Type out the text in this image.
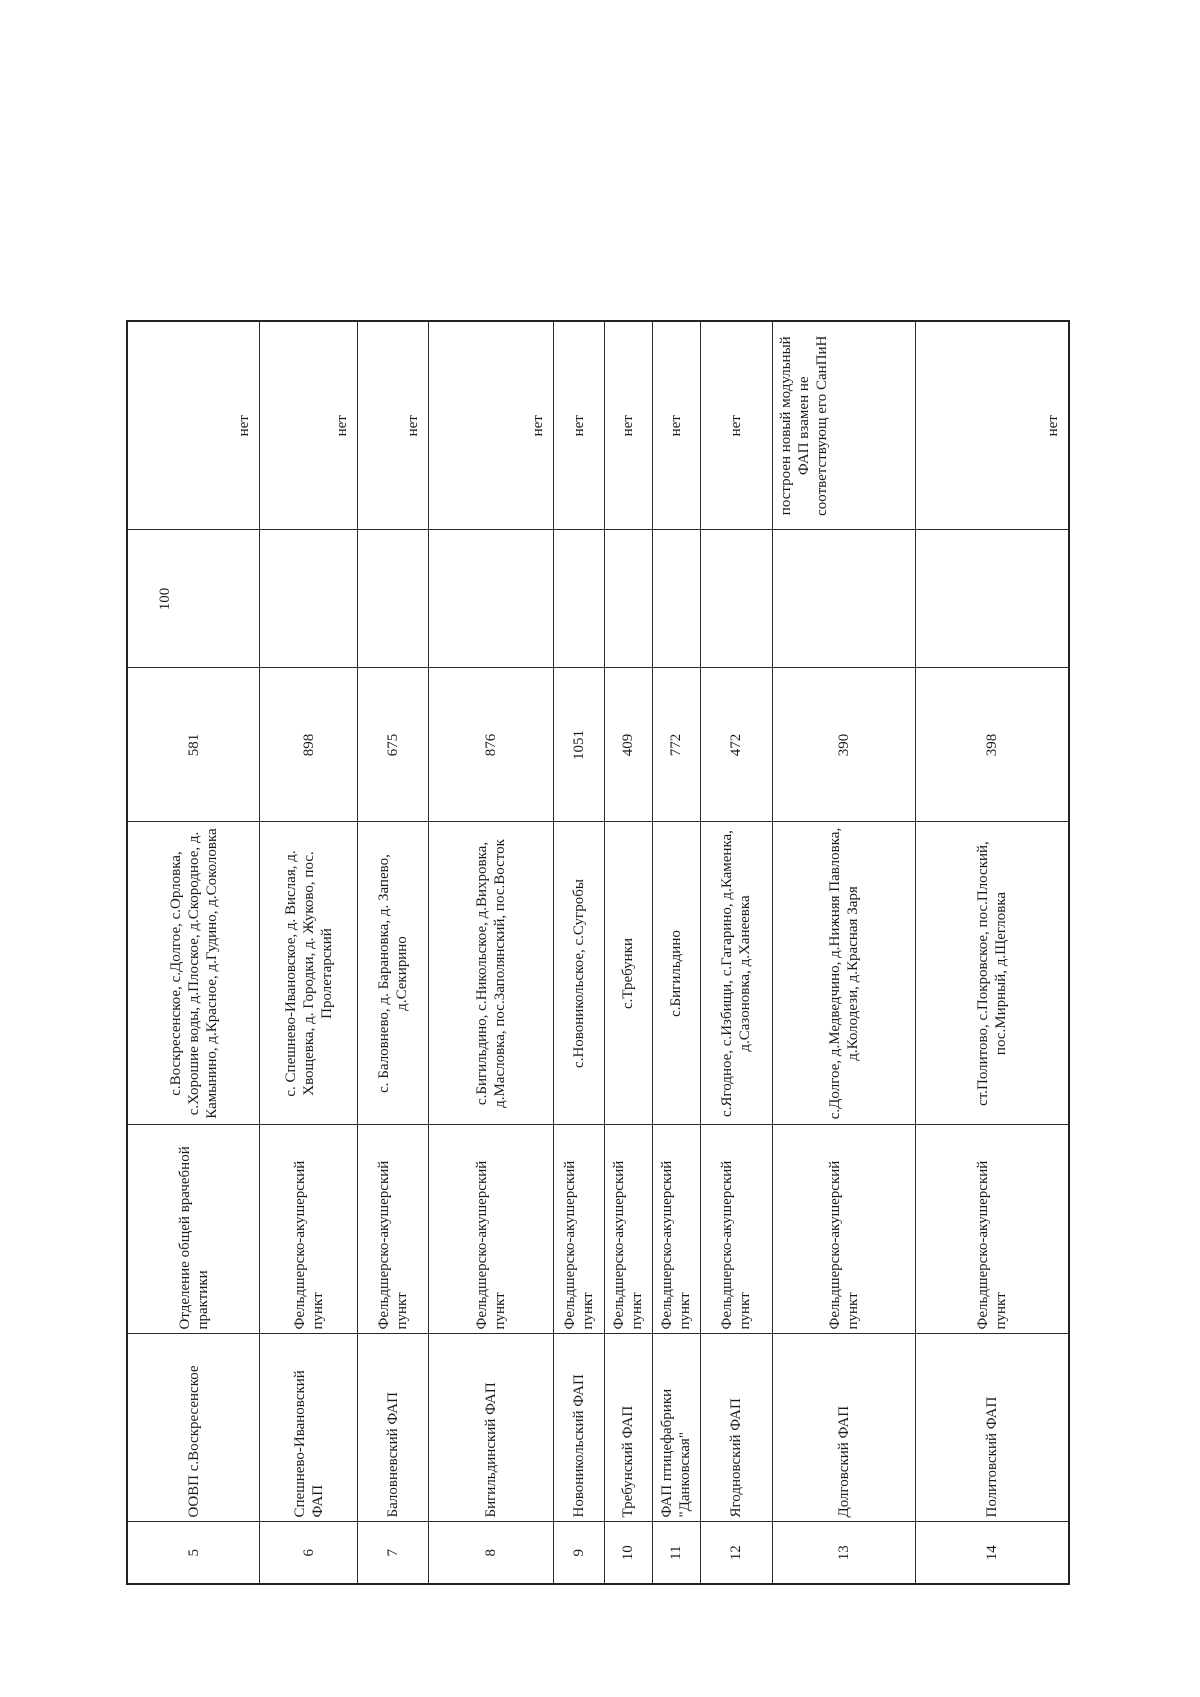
5	ООВП с.Воскресенское	Отделение общей врачебной практики	с.Воскресенское, с.Долгое, с.Орловка, с.Хорошие воды, д.Плоское, д.Скородное, д. Камынино, д.Красное, д.Гудино, д.Соколовка	581	100	нет
6	Спешнево-Ивановский ФАП	Фельдшерско-акушерский пункт	с. Спешнево-Ивановское, д. Вислая, д. Хвощевка, д. Городки, д. Жуково, пос. Пролетарский	898		нет
7	Баловневский ФАП	Фельдшерско-акушерский пункт	с. Баловнево, д. Барановка, д. Запево, д.Секирино	675		нет
8	Бигильдинский ФАП	Фельдшерско-акушерский пункт	с.Бигильдино, с.Никольское, д.Вихровка, д.Масловка, пос.Заполянский, пос.Восток	876		нет
9	Новоникольский ФАП	Фельдшерско-акушерский пункт	с.Новоникольское, с.Сугробы	1051		нет
10	Требунский ФАП	Фельдшерско-акушерский пункт	с.Требунки	409		нет
11	ФАП птицефабрики "Данковская"	Фельдшерско-акушерский пункт	с.Бигильдино	772		нет
12	Ягодновский ФАП	Фельдшерско-акушерский пункт	с.Ягодное, с.Избищи, с.Гагарино, д.Каменка, д.Сазоновка, д.Ханеевка	472		нет
13	Долговский ФАП	Фельдшерско-акушерский пункт	с.Долгое, д.Медведчино, д.Нижняя Павловка, д.Колодези, д.Красная Заря	390		построен новый модульный ФАП взамен не соответствующ его СанПиН
14	Политовский ФАП	Фельдшерско-акушерский пункт	ст.Политово, с.Покровское, пос.Плоский, пос.Мирный, д.Щегловка	398		нет
